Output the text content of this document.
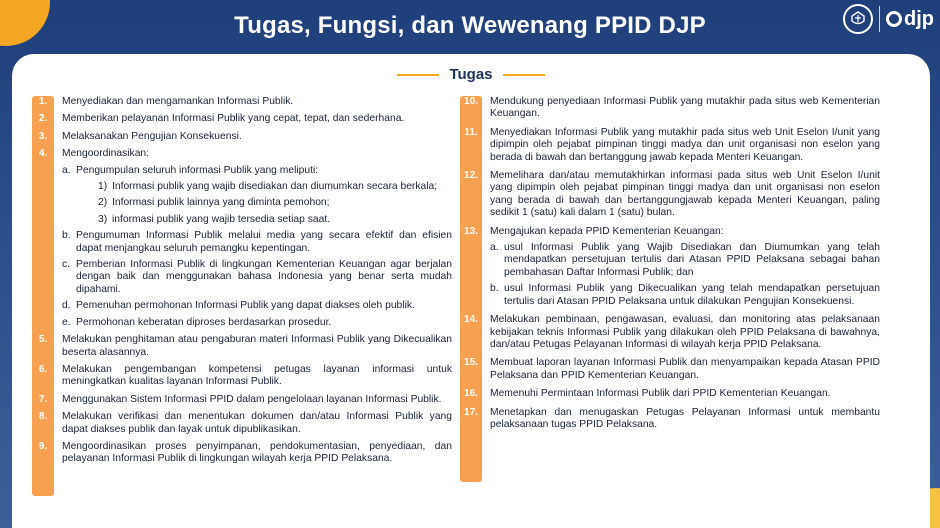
Tugas, Fungsi, dan Wewenang PPID DJP	djp
Tugas
1.	Menyediakan dan mengamankan Informasi Publik.
2.	Memberikan pelayanan Informasi Publik yang cepat, tepat, dan sederhana.
3.	Melaksanakan Pengujian Konsekuensi.
4.	Mengoordinasikan:
a. Pengumpulan seluruh informasi Publik yang meliputi:
1) Informasi publik yang wajib disediakan dan diumumkan secara berkala;
2) Informasi publik lainnya yang diminta pemohon;
3) informasi publik yang wajib tersedia setiap saat.
b. Pengumuman Informasi Publik melalui media yang secara efektif dan efisien dapat menjangkau seluruh pemangku kepentingan.
c. Pemberian Informasi Publik di lingkungan Kementerian Keuangan agar berjalan dengan baik dan menggunakan bahasa Indonesia yang benar serta mudah dipahami.
d. Pemenuhan permohonan Informasi Publik yang dapat diakses oleh publik.
e. Permohonan keberatan diproses berdasarkan prosedur.
5.	Melakukan penghitaman atau pengaburan materi Informasi Publik yang Dikecualikan beserta alasannya.
6.	Melakukan pengembangan kompetensi petugas layanan informasi untuk meningkatkan kualitas layanan Informasi Publik.
7.	Menggunakan Sistem Informasi PPID dalam pengelolaan layanan Informasi Publik.
8.	Melakukan verifikasi dan menentukan dokumen dan/atau Informasi Publik yang dapat diakses publik dan layak untuk dipublikasikan.
9.	Mengoordinasikan proses penyimpanan, pendokumentasian, penyediaan, dan pelayanan Informasi Publik di lingkungan wilayah kerja PPID Pelaksana.
10.	Mendukung penyediaan Informasi Publik yang mutakhir pada situs web Kementerian Keuangan.
11.	Menyediakan Informasi Publik yang mutakhir pada situs web Unit Eselon I/unit yang dipimpin oleh pejabat pimpinan tinggi madya dan unit organisasi non eselon yang berada di bawah dan bertanggung jawab kepada Menteri Keuangan.
12.	Memelihara dan/atau memutakhirkan informasi pada situs web Unit Eselon I/unit yang dipimpin oleh pejabat pimpinan tinggi madya dan unit organisasi non eselon yang berada di bawah dan bertanggungjawab kepada Menteri Keuangan, paling sedikit 1 (satu) kali dalam 1 (satu) bulan.
13.	Mengajukan kepada PPID Kementerian Keuangan:
a. usul Informasi Publik yang Wajib Disediakan dan Diumumkan yang telah mendapatkan persetujuan tertulis dari Atasan PPID Pelaksana sebagai bahan pembahasan Daftar Informasi Publik; dan
b. usul Informasi Publik yang Dikecualikan yang telah mendapatkan persetujuan tertulis dari Atasan PPID Pelaksana untuk dilakukan Pengujian Konsekuensi.
14.	Melakukan pembinaan, pengawasan, evaluasi, dan monitoring atas pelaksanaan kebijakan teknis Informasi Publik yang dilakukan oleh PPID Pelaksana di bawahnya, dan/atau Petugas Pelayanan Informasi di wilayah kerja PPID Pelaksana.
15.	Membuat laporan layanan Informasi Publik dan menyampaikan kepada Atasan PPID Pelaksana dan PPID Kementerian Keuangan.
16.	Memenuhi Permintaan Informasi Publik dari PPID Kementerian Keuangan.
17.	Menetapkan dan menugaskan Petugas Pelayanan Informasi untuk membantu pelaksanaan tugas PPID Pelaksana.
